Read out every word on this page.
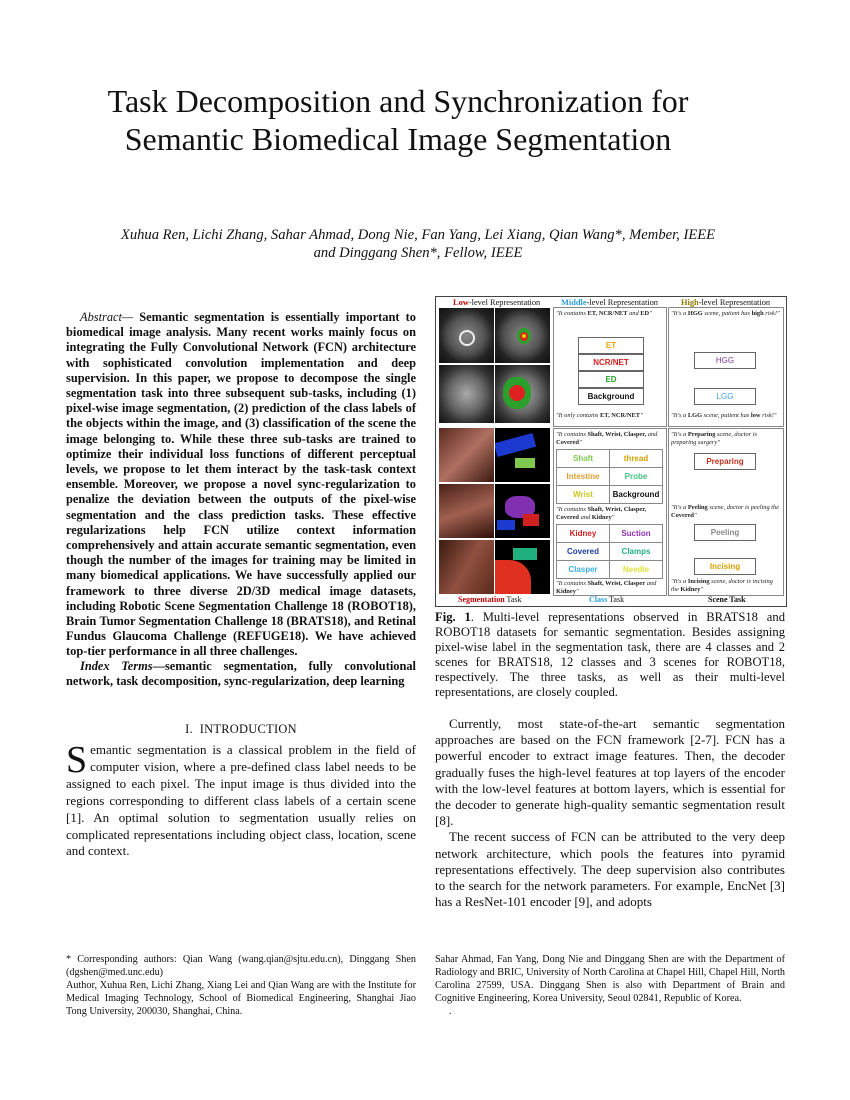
Task Decomposition and Synchronization for
Semantic Biomedical Image Segmentation
Xuhua Ren, Lichi Zhang, Sahar Ahmad, Dong Nie, Fan Yang, Lei Xiang, Qian Wang*, Member, IEEE
and Dinggang Shen*, Fellow, IEEE
Abstract— Semantic segmentation is essentially important to biomedical image analysis. Many recent works mainly focus on integrating the Fully Convolutional Network (FCN) architecture with sophisticated convolution implementation and deep supervision. In this paper, we propose to decompose the single segmentation task into three subsequent sub-tasks, including (1) pixel-wise image segmentation, (2) prediction of the class labels of the objects within the image, and (3) classification of the scene the image belonging to. While these three sub-tasks are trained to optimize their individual loss functions of different perceptual levels, we propose to let them interact by the task-task context ensemble. Moreover, we propose a novel sync-regularization to penalize the deviation between the outputs of the pixel-wise segmentation and the class prediction tasks. These effective regularizations help FCN utilize context information comprehensively and attain accurate semantic segmentation, even though the number of the images for training may be limited in many biomedical applications. We have successfully applied our framework to three diverse 2D/3D medical image datasets, including Robotic Scene Segmentation Challenge 18 (ROBOT18), Brain Tumor Segmentation Challenge 18 (BRATS18), and Retinal Fundus Glaucoma Challenge (REFUGE18). We have achieved top-tier performance in all three challenges.
Index Terms—semantic segmentation, fully convolutional network, task decomposition, sync-regularization, deep learning
I. INTRODUCTION
Semantic segmentation is a classical problem in the field of computer vision, where a pre-defined class label needs to be assigned to each pixel. The input image is thus divided into the regions corresponding to different class labels of a certain scene [1]. An optimal solution to segmentation usually relies on complicated representations including object class, location, scene and context.
* Corresponding authors: Qian Wang (wang.qian@sjtu.edu.cn), Dinggang Shen (dgshen@med.unc.edu)
Author, Xuhua Ren, Lichi Zhang, Xiang Lei and Qian Wang are with the Institute for Medical Imaging Technology, School of Biomedical Engineering, Shanghai Jiao Tong University, 200030, Shanghai, China.
Low-level Representation Middle-level Representation	High-level Representation
"It contains ET, NCR/NET and ED"
ET
NCR/NET
ED
Background
"It only contains ET, NCR/NET"
"It's a HGG scene, patient has high risk!"
HGG
LGG
"It's a LGG scene, patient has low risk!"
"It contains Shaft, Wrist, Clasper, and Covered"
Shaft	thread
Intestine	Probe
Wrist	Background
"It contains Shaft, Wrist, Clasper, Covered and Kidney"
Kidney	Suction
Covered	Clamps
Clasper	Needle
"It contains Shaft, Wrist, Clasper and Kidney"
"It's a Preparing scene, doctor is preparing surgery"
Preparing
"It's a Peeling scene, doctor is peeling the Covered"
Peeling
Incising
"It's a Incising scene, doctor is incising the Kidney"
Segmentation Task	Class Task	Scene Task
Fig. 1. Multi-level representations observed in BRATS18 and ROBOT18 datasets for semantic segmentation. Besides assigning pixel-wise label in the segmentation task, there are 4 classes and 2 scenes for BRATS18, 12 classes and 3 scenes for ROBOT18, respectively. The three tasks, as well as their multi-level representations, are closely coupled.
Currently, most state-of-the-art semantic segmentation approaches are based on the FCN framework [2-7]. FCN has a powerful encoder to extract image features. Then, the decoder gradually fuses the high-level features at top layers of the encoder with the low-level features at bottom layers, which is essential for the decoder to generate high-quality semantic segmentation result [8].
The recent success of FCN can be attributed to the very deep network architecture, which pools the features into pyramid representations effectively. The deep supervision also contributes to the search for the network parameters. For example, EncNet [3] has a ResNet-101 encoder [9], and adopts
Sahar Ahmad, Fan Yang, Dong Nie and Dinggang Shen are with the Department of Radiology and BRIC, University of North Carolina at Chapel Hill, Chapel Hill, North Carolina 27599, USA. Dinggang Shen is also with Department of Brain and Cognitive Engineering, Korea University, Seoul 02841, Republic of Korea.
.
